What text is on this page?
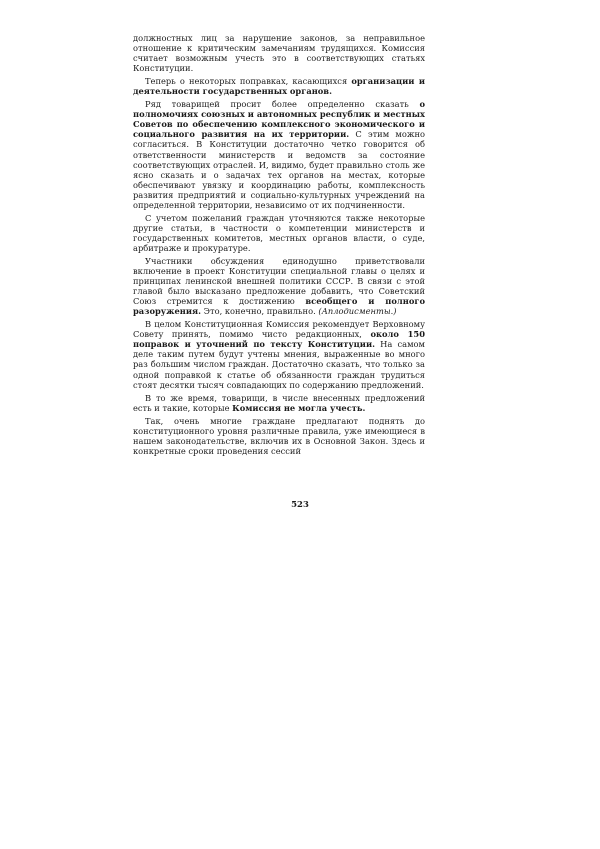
должностных лиц за нарушение законов, за неправильное отношение к критическим замечаниям трудящихся. Комиссия считает возможным учесть это в соответствующих статьях Конституции.

Теперь о некоторых поправках, касающихся организации и деятельности государственных органов.

Ряд товарищей просит более определенно сказать о полномочиях союзных и автономных республик и местных Советов по обеспечению комплексного экономического и социального развития на их территории. С этим можно согласиться. В Конституции достаточно четко говорится об ответственности министерств и ведомств за состояние соответствующих отраслей. И, видимо, будет правильно столь же ясно сказать и о задачах тех органов на местах, которые обеспечивают увязку и координацию работы, комплексность развития предприятий и социально-культурных учреждений на определенной территории, независимо от их подчиненности.

С учетом пожеланий граждан уточняются также некоторые другие статьи, в частности о компетенции министерств и государственных комитетов, местных органов власти, о суде, арбитраже и прокуратуре.

Участники обсуждения единодушно приветствовали включение в проект Конституции специальной главы о целях и принципах ленинской внешней политики СССР. В связи с этой главой было высказано предложение добавить, что Советский Союз стремится к достижению всеобщего и полного разоружения. Это, конечно, правильно. (Аплодисменты.)

В целом Конституционная Комиссия рекомендует Верховному Совету принять, помимо чисто редакционных, около 150 поправок и уточнений по тексту Конституции. На самом деле таким путем будут учтены мнения, выраженные во много раз большим числом граждан. Достаточно сказать, что только за одной поправкой к статье об обязанности граждан трудиться стоят десятки тысяч совпадающих по содержанию предложений.

В то же время, товарищи, в числе внесенных предложений есть и такие, которые Комиссия не могла учесть.

Так, очень многие граждане предлагают поднять до конституционного уровня различные правила, уже имеющиеся в нашем законодательстве, включив их в Основной Закон. Здесь и конкретные сроки проведения сессий

523
